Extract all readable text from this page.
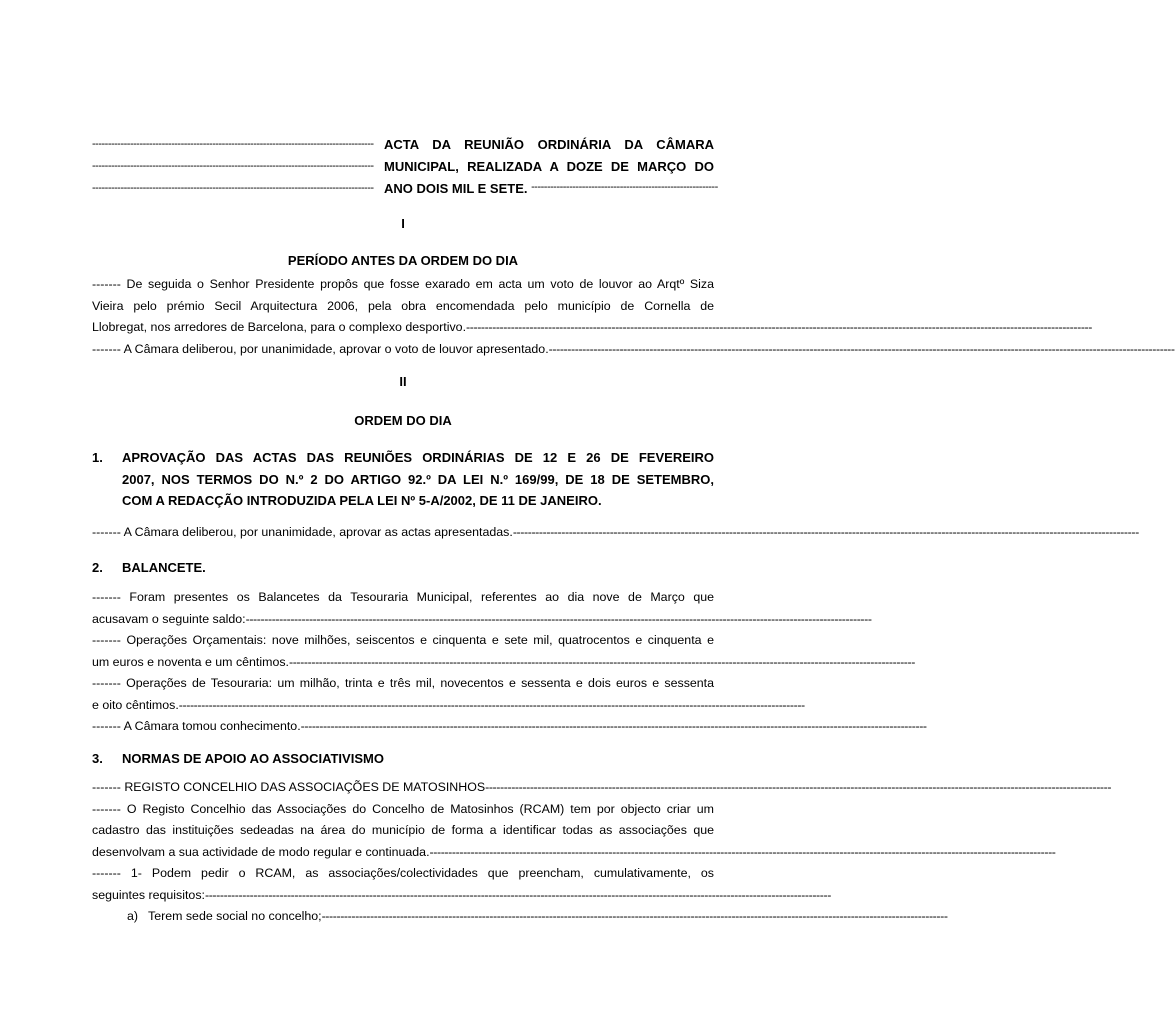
----------------------------------------------------------------------------------------- ACTA DA REUNIÃO ORDINÁRIA DA CÂMARA
----------------------------------------------------------------------------------------- MUNICIPAL, REALIZADA A DOZE DE MARÇO DO
----------------------------------------------------------------------------------------- ANO DOIS MIL E SETE.
-----------------------------------------------------------
I
PERÍODO ANTES DA ORDEM DO DIA
------- De seguida o Senhor Presidente propôs que fosse exarado em acta um voto de louvor ao Arqtº Siza
Vieira pelo prémio Secil Arquitectura 2006, pela obra encomendada pelo município de Cornella de
Llobregat, nos arredores de Barcelona, para o complexo desportivo. ------------------------------------------------------------------------------------------------------------------------------------------------------------------------
------- A Câmara deliberou, por unanimidade, aprovar o voto de louvor apresentado. ------------------------------------------------------------------------------------------------------------------------------------------------------------------------
II
ORDEM DO DIA
1. APROVAÇÃO DAS ACTAS DAS REUNIÕES ORDINÁRIAS DE 12 E 26 DE FEVEREIRO
2007, NOS TERMOS DO N.º 2 DO ARTIGO 92.º DA LEI N.º 169/99, DE 18 DE SETEMBRO,
COM A REDACÇÃO INTRODUZIDA PELA LEI Nº 5-A/2002, DE 11 DE JANEIRO.
------- A Câmara deliberou, por unanimidade, aprovar as actas apresentadas. ------------------------------------------------------------------------------------------------------------------------------------------------------------------------
2. BALANCETE.
------- Foram presentes os Balancetes da Tesouraria Municipal, referentes ao dia nove de Março que
acusavam o seguinte saldo: ------------------------------------------------------------------------------------------------------------------------------------------------------------------------
------- Operações Orçamentais: nove milhões, seiscentos e cinquenta e sete mil, quatrocentos e cinquenta e
um euros e noventa e um cêntimos. ------------------------------------------------------------------------------------------------------------------------------------------------------------------------
------- Operações de Tesouraria: um milhão, trinta e três mil, novecentos e sessenta e dois euros e sessenta
e oito cêntimos. ------------------------------------------------------------------------------------------------------------------------------------------------------------------------
------- A Câmara tomou conhecimento. ------------------------------------------------------------------------------------------------------------------------------------------------------------------------
3. NORMAS DE APOIO AO ASSOCIATIVISMO
------- REGISTO CONCELHIO DAS ASSOCIAÇÕES DE MATOSINHOS ------------------------------------------------------------------------------------------------------------------------------------------------------------------------
------- O Registo Concelhio das Associações do Concelho de Matosinhos (RCAM) tem por objecto criar um
cadastro das instituições sedeadas na área do município de forma a identificar todas as associações que
desenvolvam a sua actividade de modo regular e continuada. ------------------------------------------------------------------------------------------------------------------------------------------------------------------------
------- 1- Podem pedir o RCAM, as associações/colectividades que preencham, cumulativamente, os
seguintes requisitos: ------------------------------------------------------------------------------------------------------------------------------------------------------------------------
a) Terem sede social no concelho; ------------------------------------------------------------------------------------------------------------------------------------------------------------------------
